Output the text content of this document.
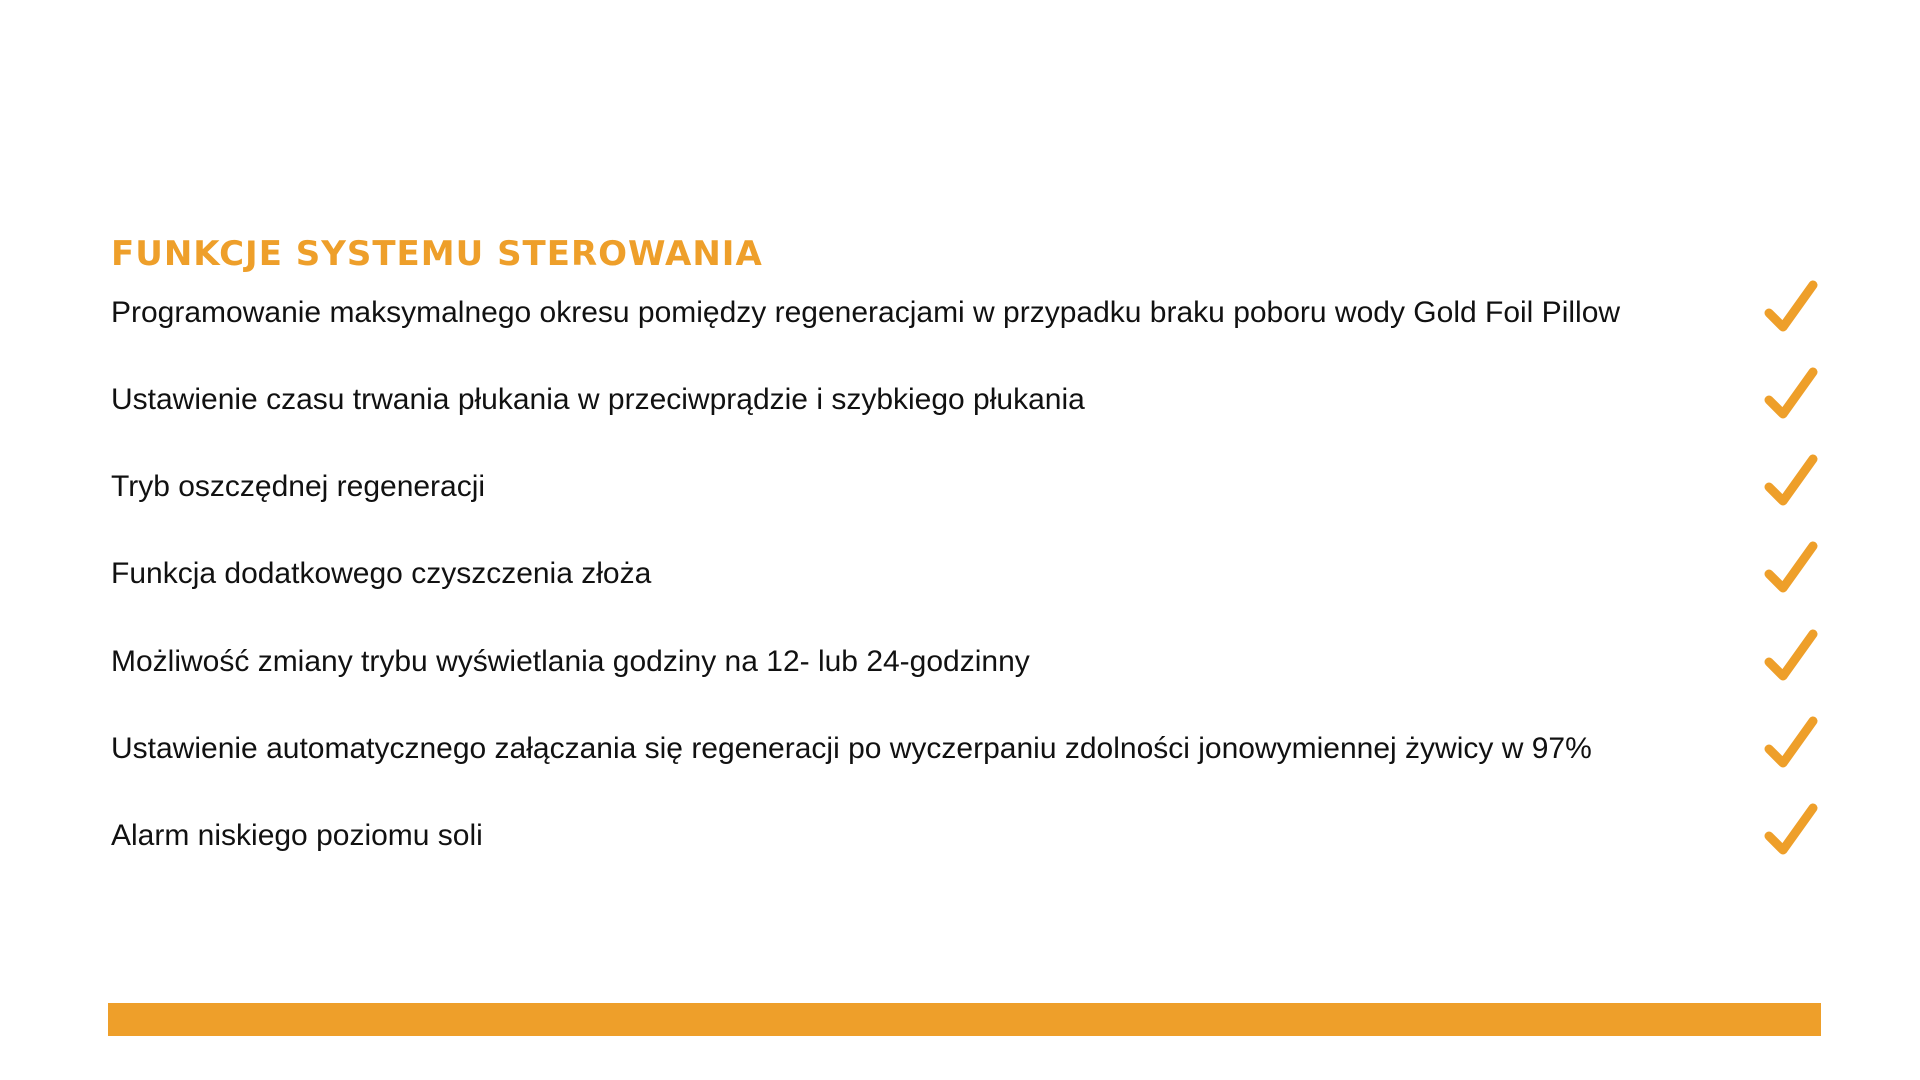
FUNKCJE SYSTEMU STEROWANIA
Programowanie maksymalnego okresu pomiędzy regeneracjami w przypadku braku poboru wody Gold Foil Pillow
Ustawienie czasu trwania płukania w przeciwprądzie i szybkiego płukania
Tryb oszczędnej regeneracji
Funkcja dodatkowego czyszczenia złoża
Możliwość zmiany trybu wyświetlania godziny na 12- lub 24-godzinny
Ustawienie automatycznego załączania się regeneracji po wyczerpaniu zdolności jonowymiennej żywicy w 97%
Alarm niskiego poziomu soli
